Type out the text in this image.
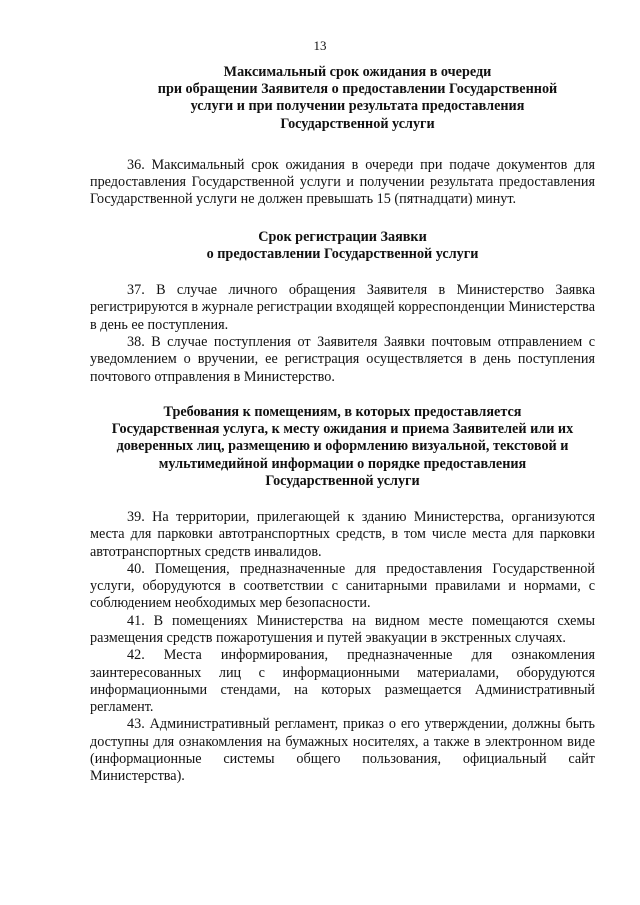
13
Максимальный срок ожидания в очереди
при обращении Заявителя о предоставлении Государственной
услуги и при получении результата предоставления
Государственной услуги

36. Максимальный срок ожидания в очереди при подаче документов для предоставления Государственной услуги и получении результата предоставления Государственной услуги не должен превышать 15 (пятнадцати) минут.

Срок регистрации Заявки
о предоставлении Государственной услуги

37. В случае личного обращения Заявителя в Министерство Заявка регистрируются в журнале регистрации входящей корреспонденции Министерства в день ее поступления.

38. В случае поступления от Заявителя Заявки почтовым отправлением с уведомлением о вручении, ее регистрация осуществляется в день поступления почтового отправления в Министерство.

Требования к помещениям, в которых предоставляется
Государственная услуга, к месту ожидания и приема Заявителей или их
доверенных лиц, размещению и оформлению визуальной, текстовой и
мультимедийной информации о порядке предоставления
Государственной услуги

39. На территории, прилегающей к зданию Министерства, организуются места для парковки автотранспортных средств, в том числе места для парковки автотранспортных средств инвалидов.

40. Помещения, предназначенные для предоставления Государственной услуги, оборудуются в соответствии с санитарными правилами и нормами, с соблюдением необходимых мер безопасности.

41. В помещениях Министерства на видном месте помещаются схемы размещения средств пожаротушения и путей эвакуации в экстренных случаях.

42. Места информирования, предназначенные для ознакомления заинтересованных лиц с информационными материалами, оборудуются информационными стендами, на которых размещается Административный регламент.

43. Административный регламент, приказ о его утверждении, должны быть доступны для ознакомления на бумажных носителях, а также в электронном виде (информационные системы общего пользования, официальный сайт Министерства).
